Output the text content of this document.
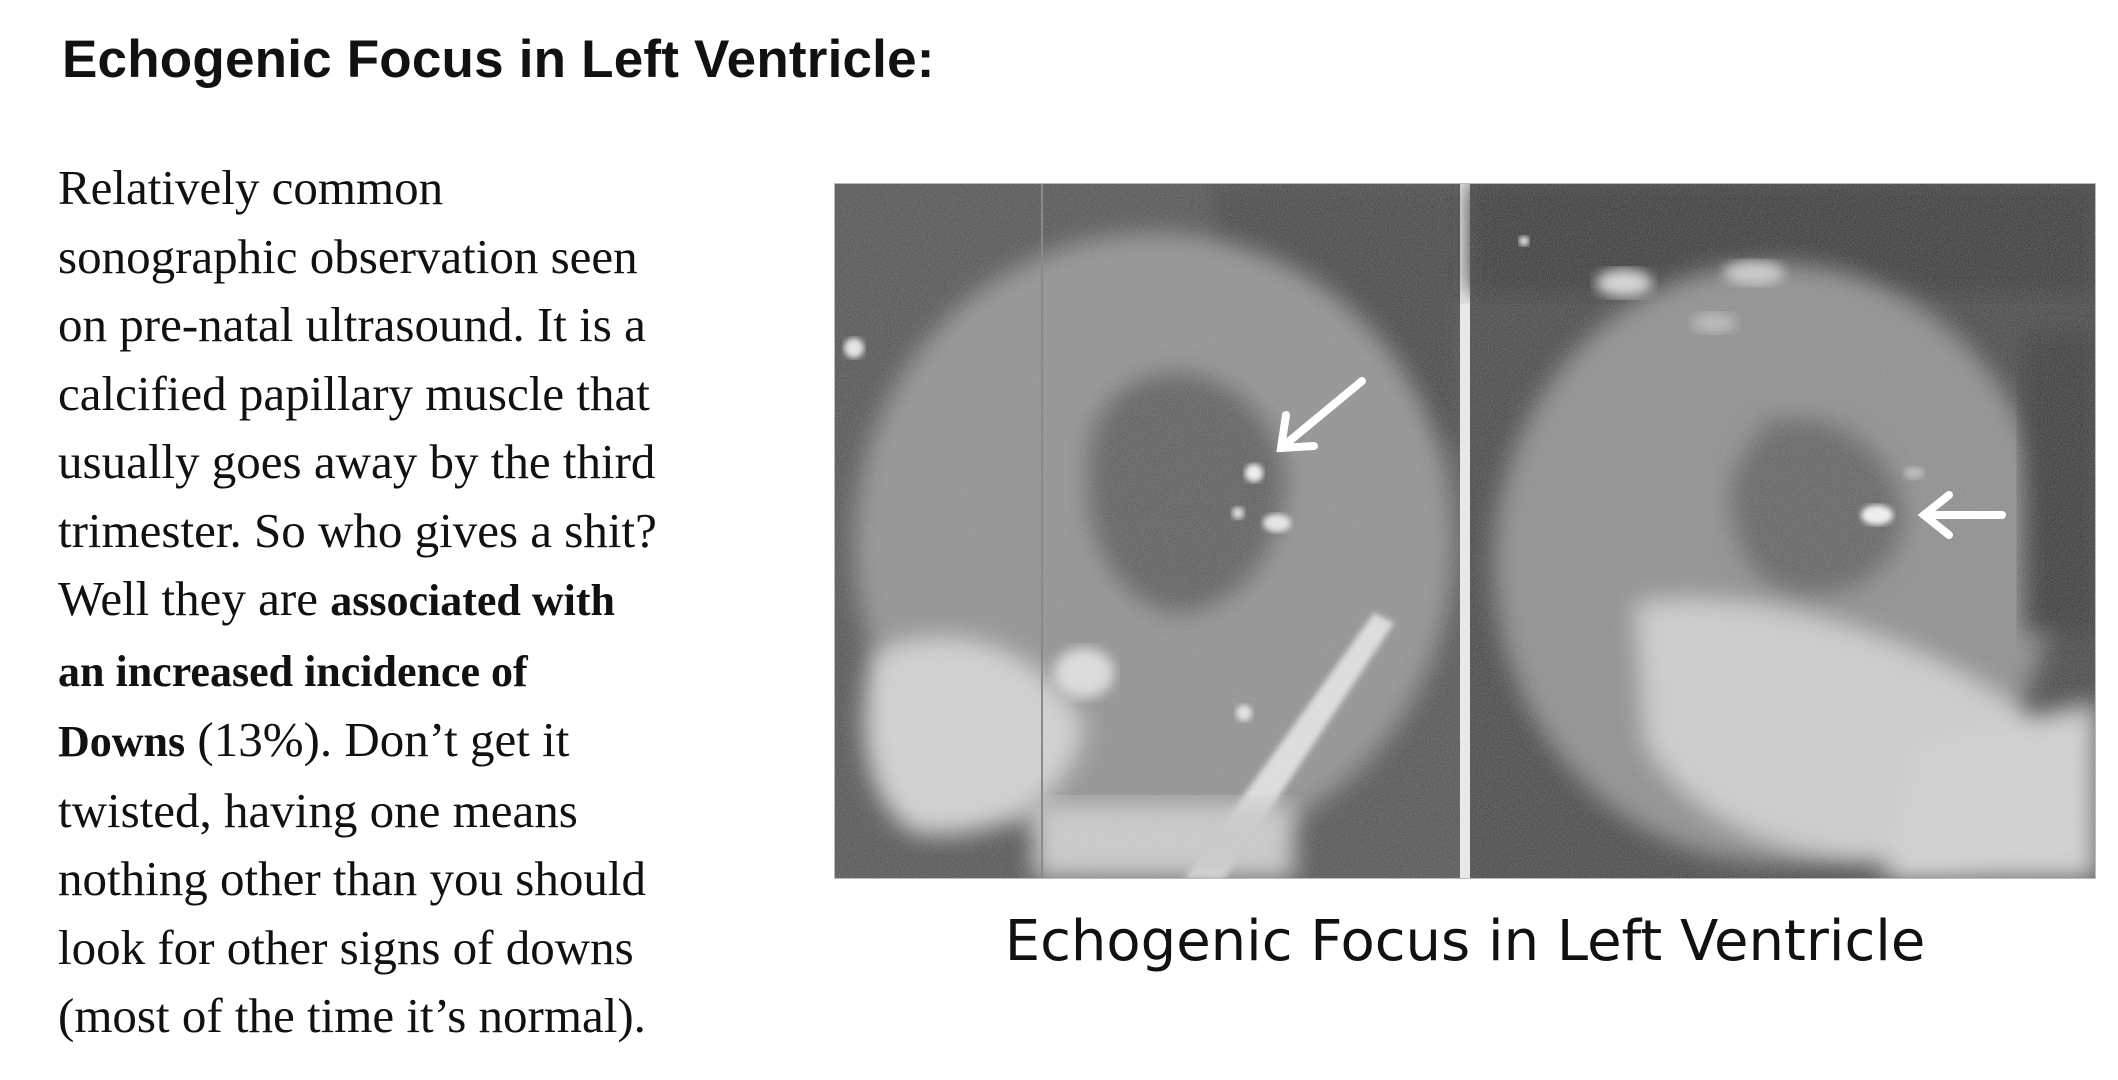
Echogenic Focus in Left Ventricle:

Relatively common
sonographic observation seen
on pre-natal ultrasound. It is a
calcified papillary muscle that
usually goes away by the third
trimester. So who gives a shit?
Well they are associated with
an increased incidence of
Downs (13%). Don’t get it
twisted, having one means
nothing other than you should
look for other signs of downs
(most of the time it’s normal).

Echogenic Focus in Left Ventricle
